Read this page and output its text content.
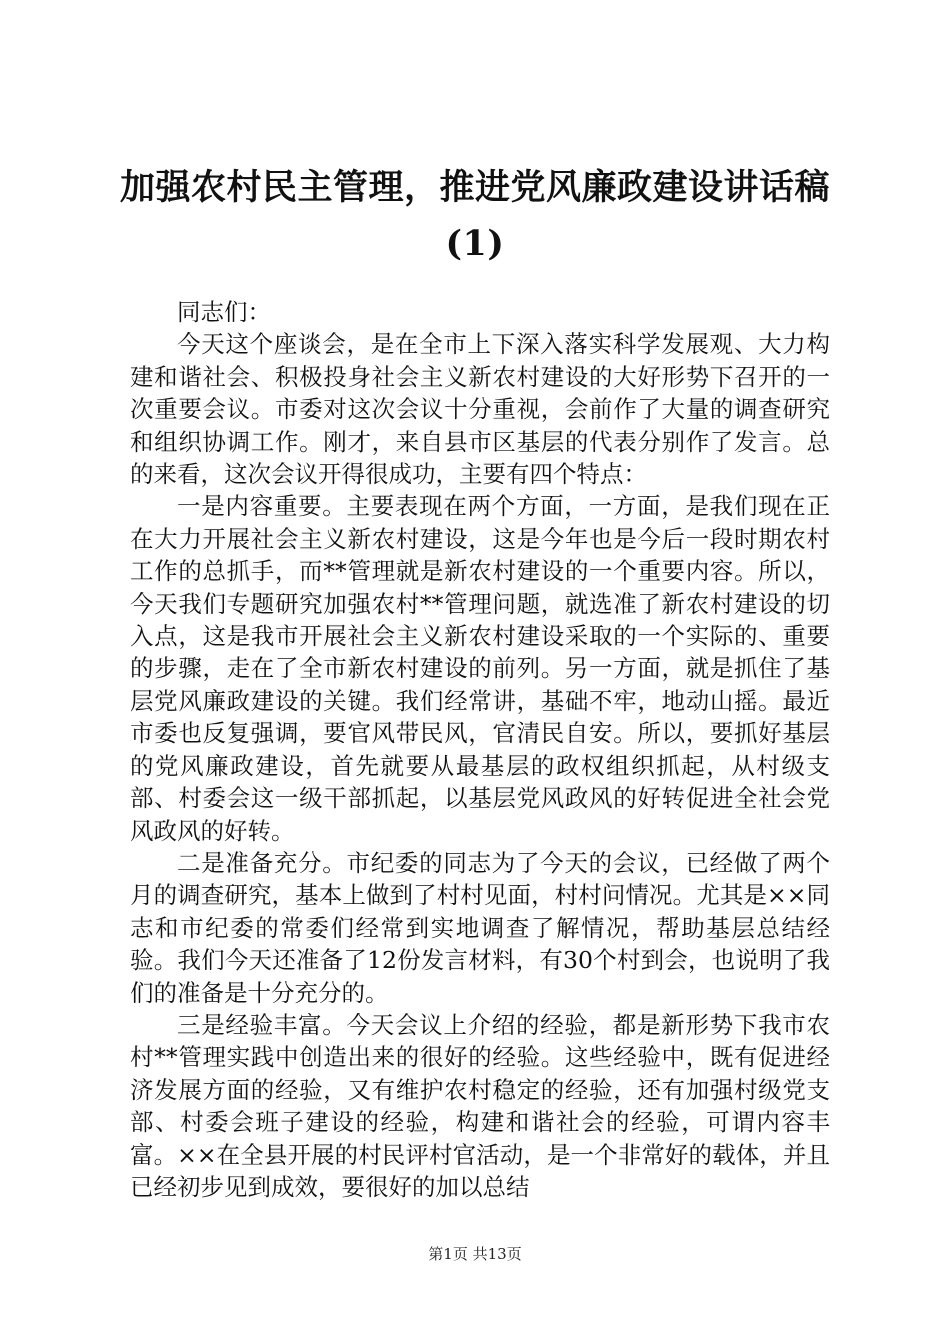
加强农村民主管理，推进党风廉政建设讲话稿
(1)

同志们：

今天这个座谈会，是在全市上下深入落实科学发展观、大力构建和谐社会、积极投身社会主义新农村建设的大好形势下召开的一次重要会议。市委对这次会议十分重视，会前作了大量的调查研究和组织协调工作。刚才，来自县市区基层的代表分别作了发言。总的来看，这次会议开得很成功，主要有四个特点：

一是内容重要。主要表现在两个方面，一方面，是我们现在正在大力开展社会主义新农村建设，这是今年也是今后一段时期农村工作的总抓手，而**管理就是新农村建设的一个重要内容。所以，今天我们专题研究加强农村**管理问题，就选准了新农村建设的切入点，这是我市开展社会主义新农村建设采取的一个实际的、重要的步骤，走在了全市新农村建设的前列。另一方面，就是抓住了基层党风廉政建设的关键。我们经常讲，基础不牢，地动山摇。最近市委也反复强调，要官风带民风，官清民自安。所以，要抓好基层的党风廉政建设，首先就要从最基层的政权组织抓起，从村级支部、村委会这一级干部抓起，以基层党风政风的好转促进全社会党风政风的好转。

二是准备充分。市纪委的同志为了今天的会议，已经做了两个月的调查研究，基本上做到了村村见面，村村问情况。尤其是××同志和市纪委的常委们经常到实地调查了解情况，帮助基层总结经验。我们今天还准备了12份发言材料，有30个村到会，也说明了我们的准备是十分充分的。

三是经验丰富。今天会议上介绍的经验，都是新形势下我市农村**管理实践中创造出来的很好的经验。这些经验中，既有促进经济发展方面的经验，又有维护农村稳定的经验，还有加强村级党支部、村委会班子建设的经验，构建和谐社会的经验，可谓内容丰富。××在全县开展的村民评村官活动，是一个非常好的载体，并且已经初步见到成效，要很好的加以总结

第1页 共13页
